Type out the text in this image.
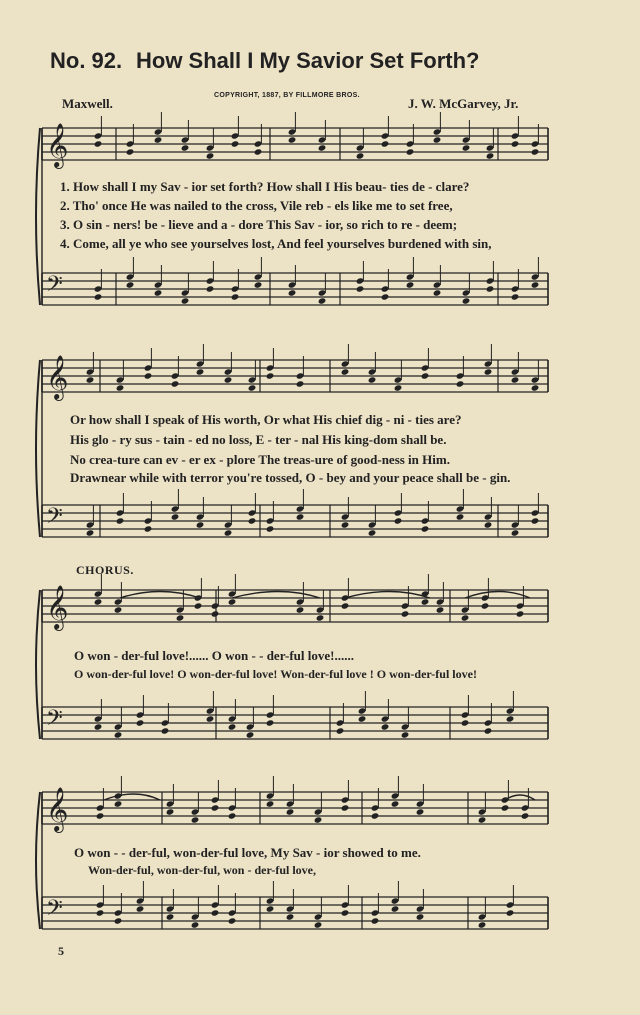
No. 92. How Shall I My Savior Set Forth?
COPYRIGHT, 1887, BY FILLMORE BROS.
Maxwell.	J. W. McGarvey, Jr.
𝄞
𝄢
𝄞
𝄢
𝄞
𝄢
𝄞
𝄢
1. How shall I my Sav - ior set forth? How shall I His beau- ties de - clare?
2. Tho' once He was nailed to the cross, Vile reb - els like me to set free,
3. O sin - ners! be - lieve and a - dore This Sav - ior, so rich to re - deem;
4. Come, all ye who see yourselves lost, And feel yourselves burdened with sin,
Or how shall I speak of His worth, Or what His chief dig - ni - ties are?
His glo - ry sus - tain - ed no loss, E - ter - nal His king-dom shall be.
No crea-ture can ev - er ex - plore The treas-ure of good-ness in Him.
Drawnear while with terror you're tossed, O - bey and your peace shall be - gin.
CHORUS.
O won - der-ful love!...... O won - - der-ful love!......
O won-der-ful love! O won-der-ful love! Won-der-ful love ! O won-der-ful love!
O won - - der-ful, won-der-ful love, My Sav - ior showed to me.
Won-der-ful, won-der-ful, won - der-ful love,
5
